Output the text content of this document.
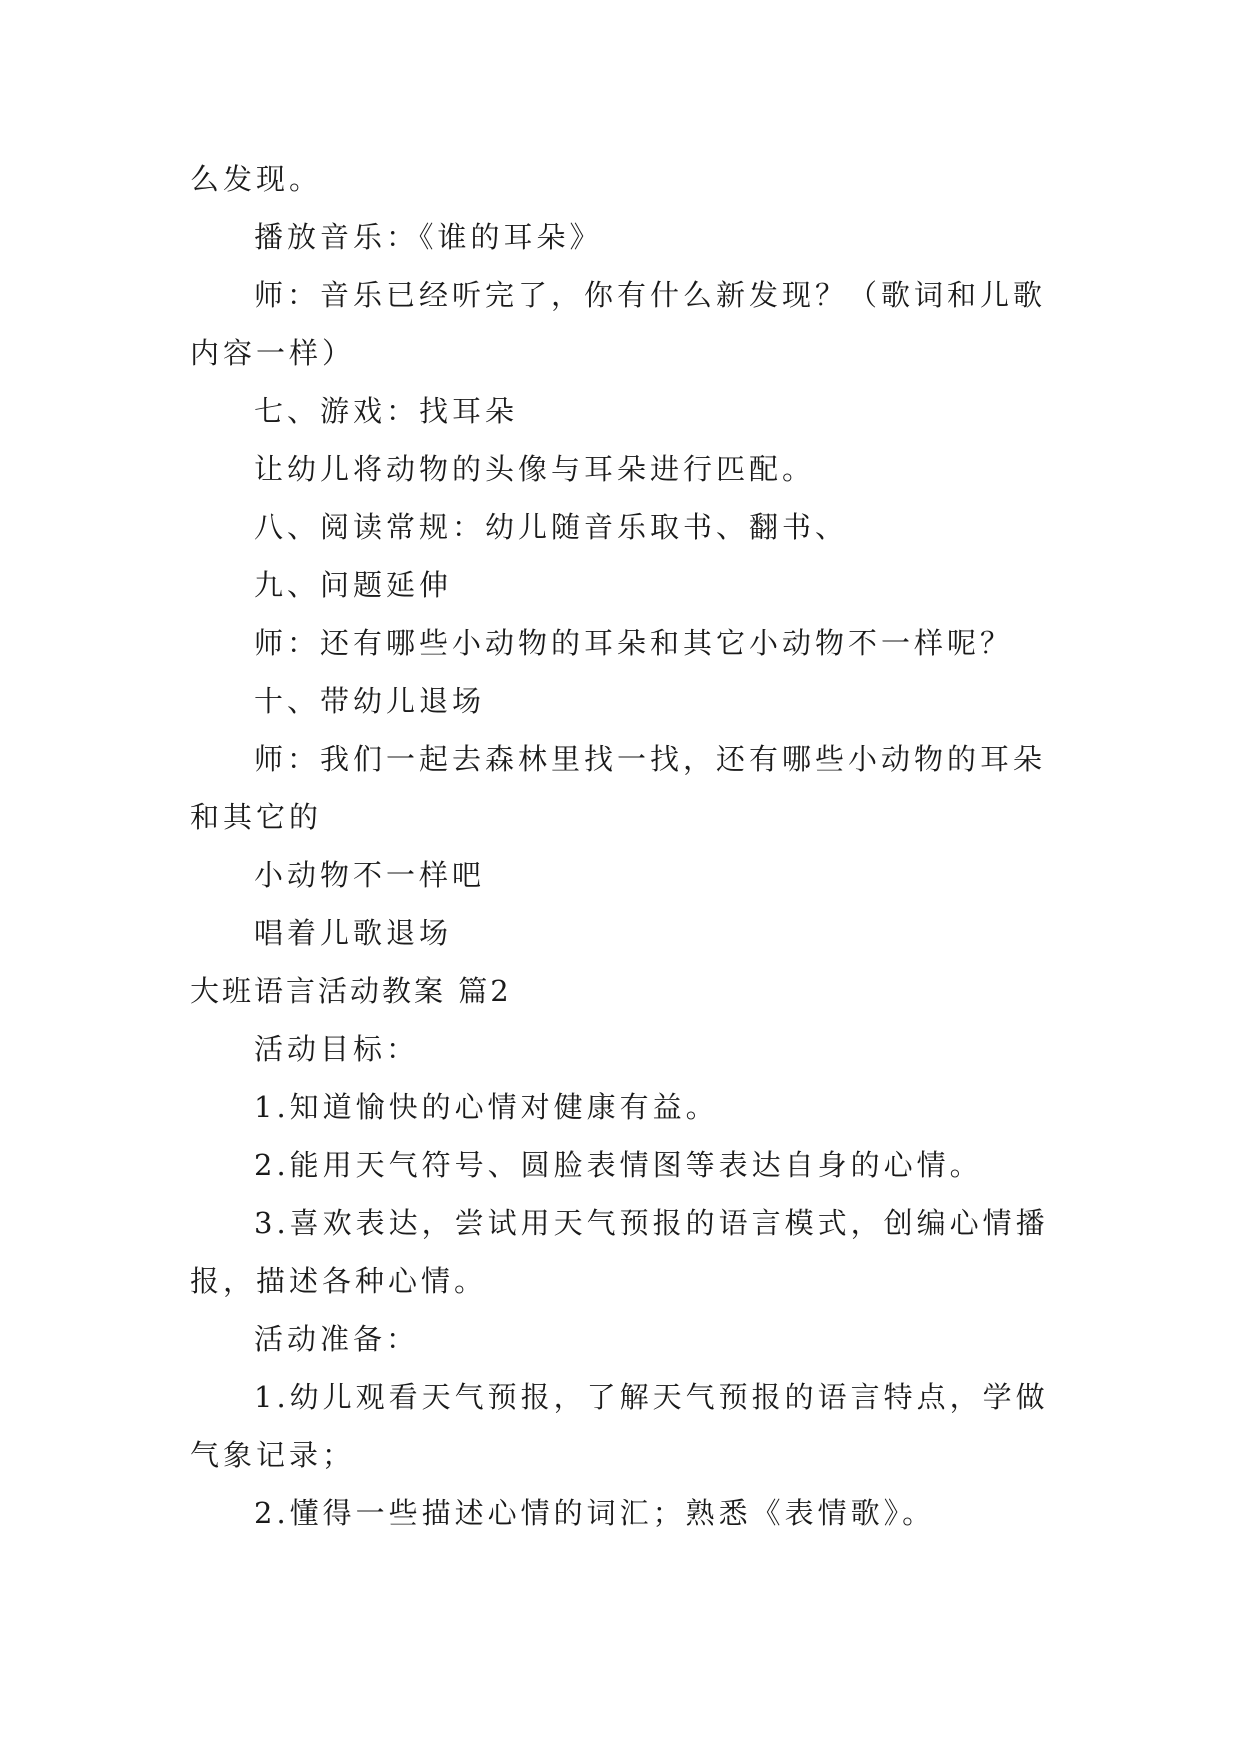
么发现。

播放音乐：《谁的耳朵》

师：音乐已经听完了，你有什么新发现？（歌词和儿歌内容一样）

七、游戏：找耳朵

让幼儿将动物的头像与耳朵进行匹配。

八、阅读常规：幼儿随音乐取书、翻书、

九、问题延伸

师：还有哪些小动物的耳朵和其它小动物不一样呢？

十、带幼儿退场

师：我们一起去森林里找一找，还有哪些小动物的耳朵和其它的

小动物不一样吧

唱着儿歌退场

大班语言活动教案 篇2

活动目标：

1.知道愉快的心情对健康有益。

2.能用天气符号、圆脸表情图等表达自身的心情。

3.喜欢表达，尝试用天气预报的语言模式，创编心情播报，描述各种心情。

活动准备：

1.幼儿观看天气预报，了解天气预报的语言特点，学做气象记录；

2.懂得一些描述心情的词汇；熟悉《表情歌》。
